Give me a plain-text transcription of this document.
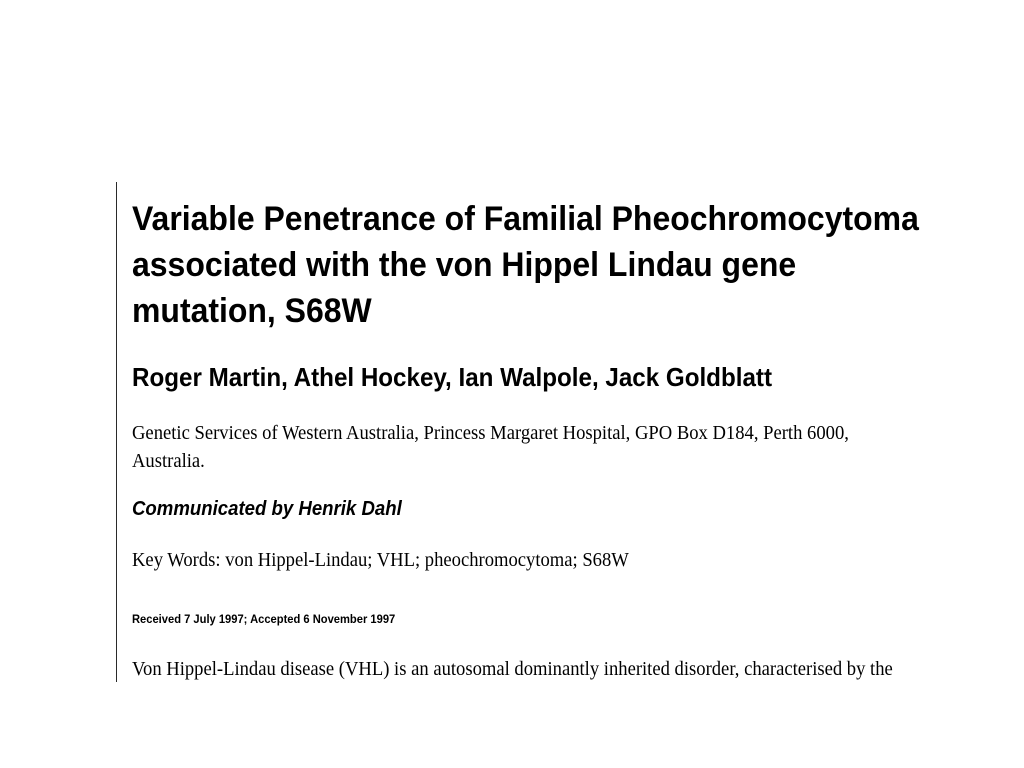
Variable Penetrance of Familial Pheochromocytoma associated with the von Hippel Lindau gene mutation, S68W

Roger Martin, Athel Hockey, Ian Walpole, Jack Goldblatt

Genetic Services of Western Australia, Princess Margaret Hospital, GPO Box D184, Perth 6000, Australia.

Communicated by Henrik Dahl

Key Words: von Hippel-Lindau; VHL; pheochromocytoma; S68W

Received 7 July 1997; Accepted 6 November 1997

Von Hippel-Lindau disease (VHL) is an autosomal dominantly inherited disorder, characterised by the
